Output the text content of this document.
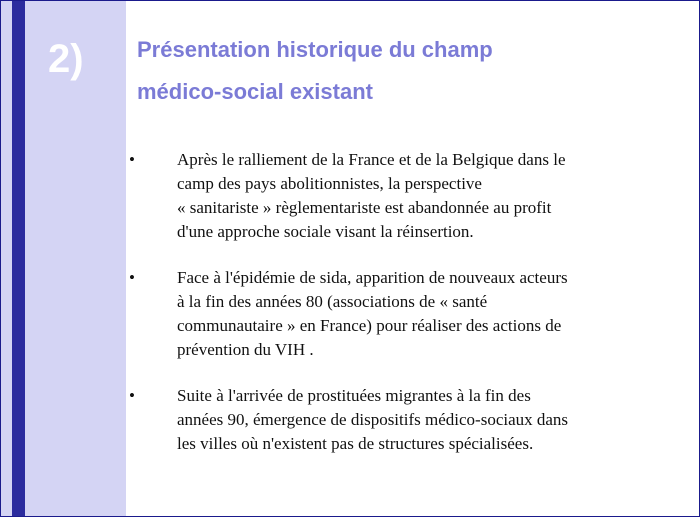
2) Présentation historique du champ
médico-social existant
•	Après le ralliement de la France et de la Belgique dans le
camp des pays abolitionnistes, la perspective
« sanitariste » règlementariste est abandonnée au profit
d'une approche sociale visant la réinsertion.
•	Face à l'épidémie de sida, apparition de nouveaux acteurs
à la fin des années 80 (associations de « santé
communautaire » en France) pour réaliser des actions de
prévention du VIH .
•	Suite à l'arrivée de prostituées migrantes à la fin des
années 90, émergence de dispositifs médico-sociaux dans
les villes où n'existent pas de structures spécialisées.
